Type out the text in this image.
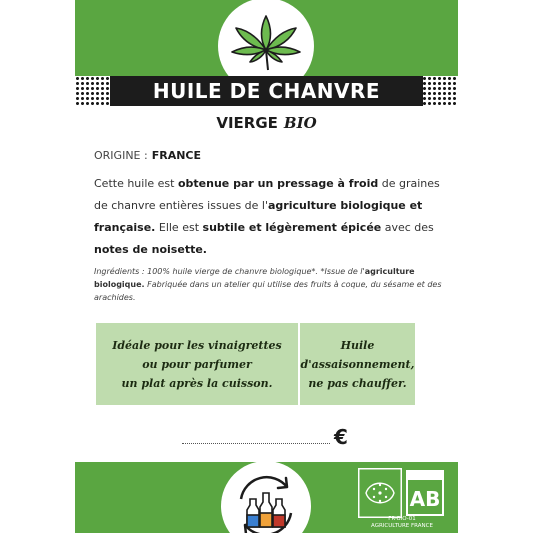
HUILE DE CHANVRE
VIERGE BIO
ORIGINE : FRANCE
Cette huile est obtenue par un pressage à froid de graines de chanvre entières issues de l'agriculture biologique et française. Elle est subtile et légèrement épicée avec des notes de noisette.
Ingrédients : 100% huile vierge de chanvre biologique*. *Issue de l'agriculture biologique. Fabriquée dans un atelier qui utilise des fruits à coque, du sésame et des arachides.
Idéale pour les vinaigrettes
ou pour parfumer
un plat après la cuisson.
Huile
d'assaisonnement,
ne pas chauffer.
€
AB
FR-BIO-01
AGRICULTURE FRANCE
